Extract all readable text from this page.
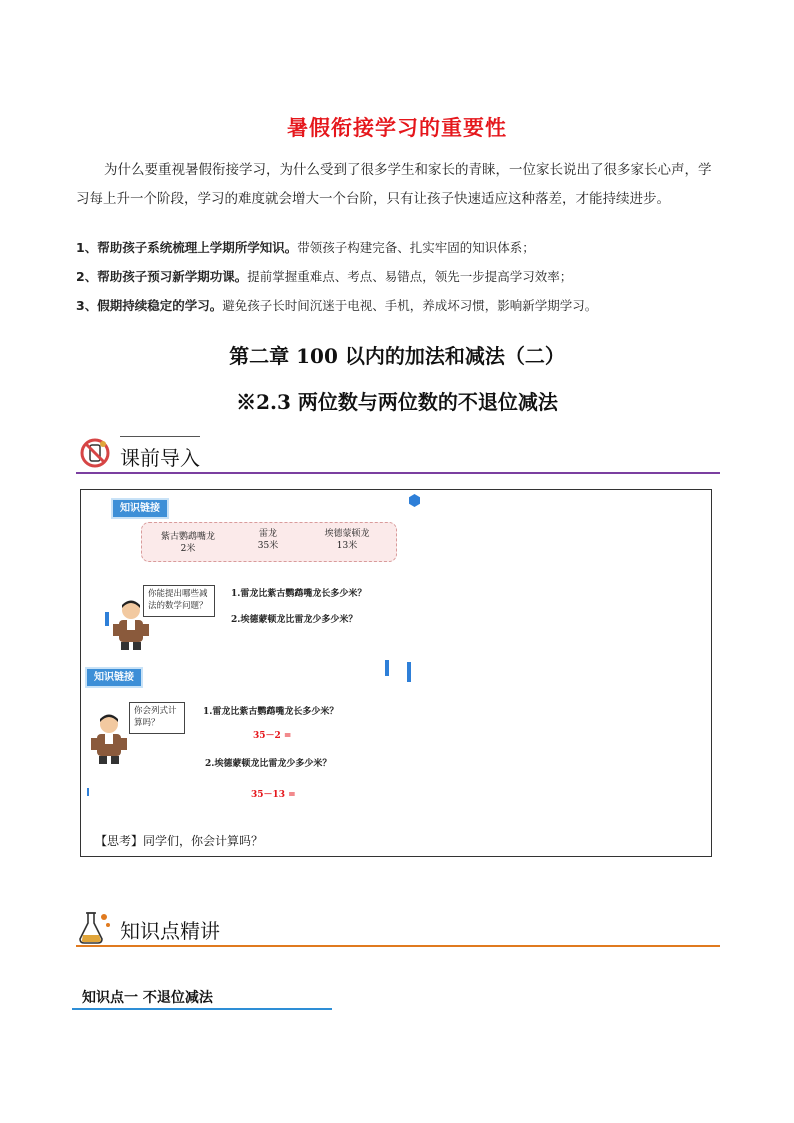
暑假衔接学习的重要性
为什么要重视暑假衔接学习，为什么受到了很多学生和家长的青睐，一位家长说出了很多家长心声，学习每上升一个阶段，学习的难度就会增大一个台阶，只有让孩子快速适应这种落差，才能持续进步。
1、帮助孩子系统梳理上学期所学知识。带领孩子构建完备、扎实牢固的知识体系；
2、帮助孩子预习新学期功课。提前掌握重难点、考点、易错点，领先一步提高学习效率；
3、假期持续稳定的学习。避免孩子长时间沉迷于电视、手机，养成坏习惯，影响新学期学习。
第二章 100 以内的加法和减法（二）
※2.3 两位数与两位数的不退位减法
课前导入
知识链接
紫古鹦鹉嘴龙
2米
雷龙
35米
埃德蒙顿龙
13米
你能提出哪些减法的数学问题？
1.雷龙比紫古鹦鹉嘴龙长多少米？
2.埃德蒙顿龙比雷龙少多少米？
知识链接
你会列式计算吗？
1.雷龙比紫古鹦鹉嘴龙长多少米？
35－2 =
2.埃德蒙顿龙比雷龙少多少米？
35－13 =
【思考】同学们，你会计算吗？
知识点精讲
知识点一 不退位减法
